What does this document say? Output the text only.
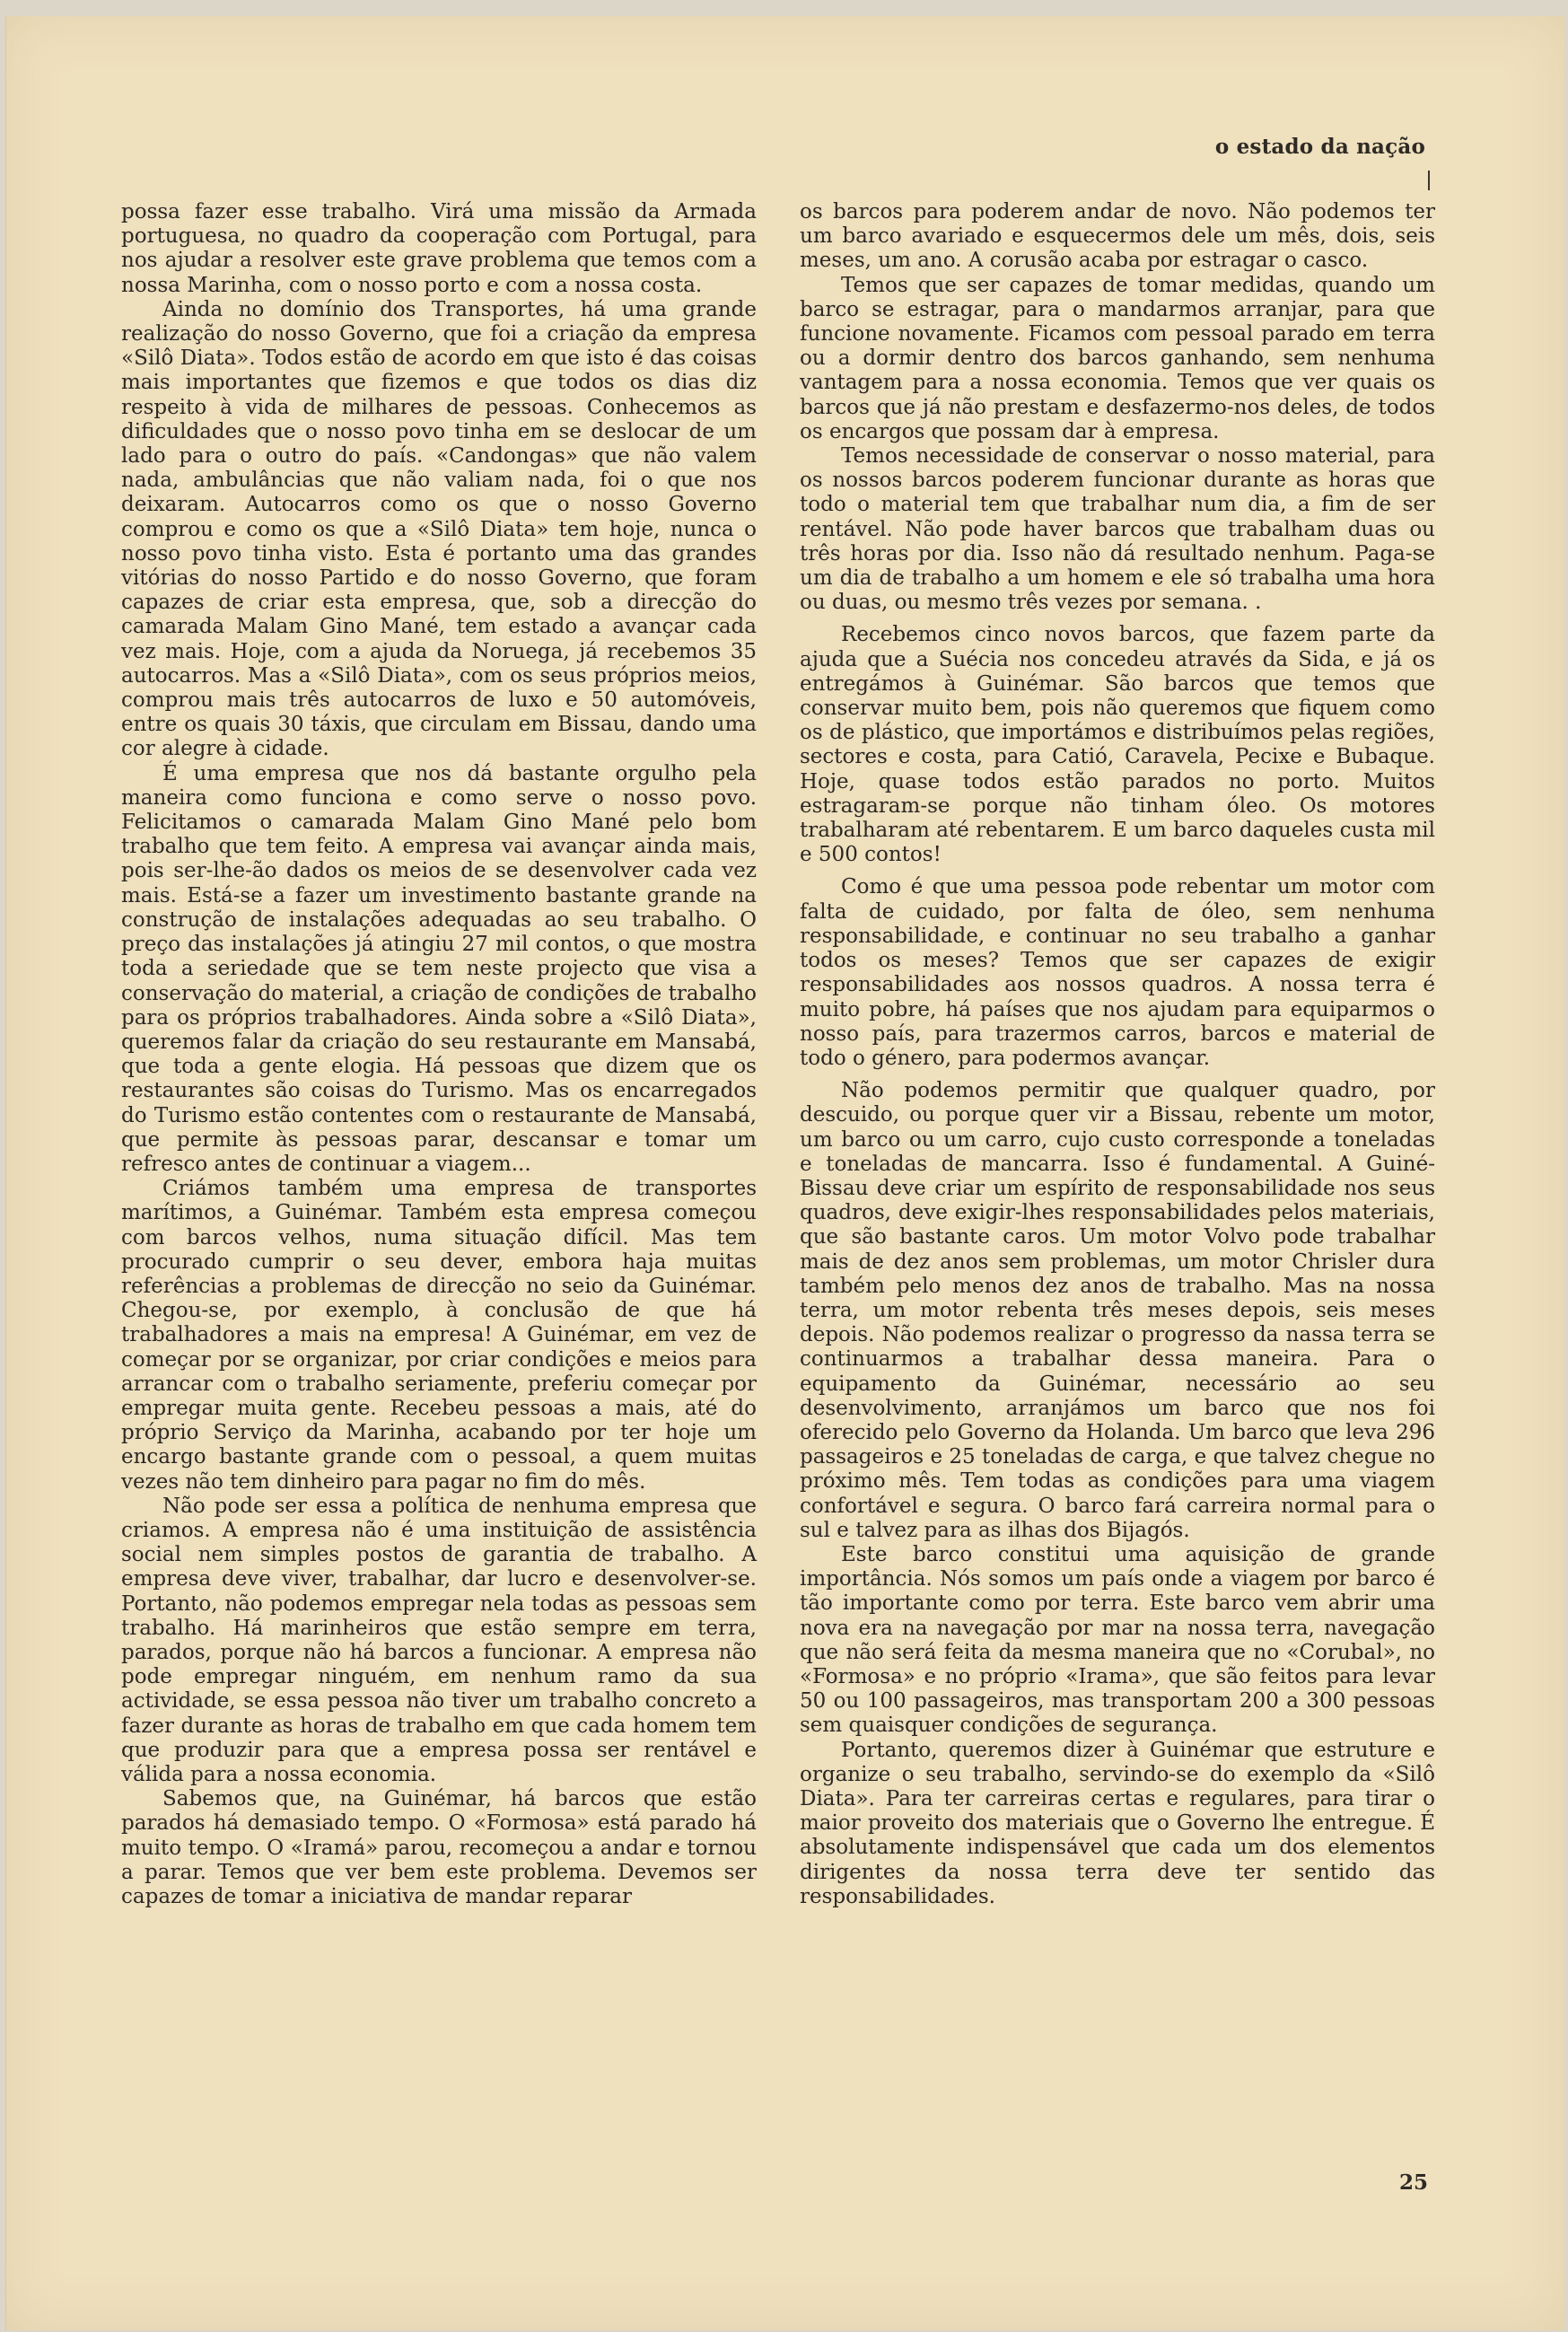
o estado da nação

possa fazer esse trabalho. Virá uma missão da Armada portuguesa, no quadro da cooperação com Portugal, para nos ajudar a resolver este grave problema que temos com a nossa Marinha, com o nosso porto e com a nossa costa.

Ainda no domínio dos Transportes, há uma grande realização do nosso Governo, que foi a criação da empresa «Silô Diata». Todos estão de acordo em que isto é das coisas mais importantes que fizemos e que todos os dias diz respeito à vida de milhares de pessoas. Conhecemos as dificuldades que o nosso povo tinha em se deslocar de um lado para o outro do país. «Candongas» que não valem nada, ambulâncias que não valiam nada, foi o que nos deixaram. Autocarros como os que o nosso Governo comprou e como os que a «Silô Diata» tem hoje, nunca o nosso povo tinha visto. Esta é portanto uma das grandes vitórias do nosso Partido e do nosso Governo, que foram capazes de criar esta empresa, que, sob a direcção do camarada Malam Gino Mané, tem estado a avançar cada vez mais. Hoje, com a ajuda da Noruega, já recebemos 35 autocarros. Mas a «Silô Diata», com os seus próprios meios, comprou mais três autocarros de luxo e 50 automóveis, entre os quais 30 táxis, que circulam em Bissau, dando uma cor alegre à cidade.

É uma empresa que nos dá bastante orgulho pela maneira como funciona e como serve o nosso povo. Felicitamos o camarada Malam Gino Mané pelo bom trabalho que tem feito. A empresa vai avançar ainda mais, pois ser-lhe-ão dados os meios de se desenvolver cada vez mais. Está-se a fazer um investimento bastante grande na construção de instalações adequadas ao seu trabalho. O preço das instalações já atingiu 27 mil contos, o que mostra toda a seriedade que se tem neste projecto que visa a conservação do material, a criação de condições de trabalho para os próprios trabalhadores. Ainda sobre a «Silô Diata», queremos falar da criação do seu restaurante em Mansabá, que toda a gente elogia. Há pessoas que dizem que os restaurantes são coisas do Turismo. Mas os encarregados do Turismo estão contentes com o restaurante de Mansabá, que permite às pessoas parar, descansar e tomar um refresco antes de continuar a viagem...

Criámos também uma empresa de transportes marítimos, a Guinémar. Também esta empresa começou com barcos velhos, numa situação difícil. Mas tem procurado cumprir o seu dever, embora haja muitas referências a problemas de direcção no seio da Guinémar. Chegou-se, por exemplo, à conclusão de que há trabalhadores a mais na empresa! A Guinémar, em vez de começar por se organizar, por criar condições e meios para arrancar com o trabalho seriamente, preferiu começar por empregar muita gente. Recebeu pessoas a mais, até do próprio Serviço da Marinha, acabando por ter hoje um encargo bastante grande com o pessoal, a quem muitas vezes não tem dinheiro para pagar no fim do mês.

Não pode ser essa a política de nenhuma empresa que criamos. A empresa não é uma instituição de assistência social nem simples postos de garantia de trabalho. A empresa deve viver, trabalhar, dar lucro e desenvolver-se. Portanto, não podemos empregar nela todas as pessoas sem trabalho. Há marinheiros que estão sempre em terra, parados, porque não há barcos a funcionar. A empresa não pode empregar ninguém, em nenhum ramo da sua actividade, se essa pessoa não tiver um trabalho concreto a fazer durante as horas de trabalho em que cada homem tem que produzir para que a empresa possa ser rentável e válida para a nossa economia.

Sabemos que, na Guinémar, há barcos que estão parados há demasiado tempo. O «Formosa» está parado há muito tempo. O «Iramá» parou, recomeçou a andar e tornou a parar. Temos que ver bem este problema. Devemos ser capazes de tomar a iniciativa de mandar reparar

os barcos para poderem andar de novo. Não podemos ter um barco avariado e esquecermos dele um mês, dois, seis meses, um ano. A corusão acaba por estragar o casco.

Temos que ser capazes de tomar medidas, quando um barco se estragar, para o mandarmos arranjar, para que funcione novamente. Ficamos com pessoal parado em terra ou a dormir dentro dos barcos ganhando, sem nenhuma vantagem para a nossa economia. Temos que ver quais os barcos que já não prestam e desfazermo-nos deles, de todos os encargos que possam dar à empresa.

Temos necessidade de conservar o nosso material, para os nossos barcos poderem funcionar durante as horas que todo o material tem que trabalhar num dia, a fim de ser rentável. Não pode haver barcos que trabalham duas ou três horas por dia. Isso não dá resultado nenhum. Paga-se um dia de trabalho a um homem e ele só trabalha uma hora ou duas, ou mesmo três vezes por semana. .

Recebemos cinco novos barcos, que fazem parte da ajuda que a Suécia nos concedeu através da Sida, e já os entregámos à Guinémar. São barcos que temos que conservar muito bem, pois não queremos que fiquem como os de plástico, que importámos e distribuímos pelas regiões, sectores e costa, para Catió, Caravela, Pecixe e Bubaque. Hoje, quase todos estão parados no porto. Muitos estragaram-se porque não tinham óleo. Os motores trabalharam até rebentarem. E um barco daqueles custa mil e 500 contos!

Como é que uma pessoa pode rebentar um motor com falta de cuidado, por falta de óleo, sem nenhuma responsabilidade, e continuar no seu trabalho a ganhar todos os meses? Temos que ser capazes de exigir responsabilidades aos nossos quadros. A nossa terra é muito pobre, há países que nos ajudam para equiparmos o nosso país, para trazermos carros, barcos e material de todo o género, para podermos avançar.

Não podemos permitir que qualquer quadro, por descuido, ou porque quer vir a Bissau, rebente um motor, um barco ou um carro, cujo custo corresponde a toneladas e toneladas de mancarra. Isso é fundamental. A Guiné-Bissau deve criar um espírito de responsabilidade nos seus quadros, deve exigir-lhes responsabilidades pelos materiais, que são bastante caros. Um motor Volvo pode trabalhar mais de dez anos sem problemas, um motor Chrisler dura também pelo menos dez anos de trabalho. Mas na nossa terra, um motor rebenta três meses depois, seis meses depois. Não podemos realizar o progresso da nassa terra se continuarmos a trabalhar dessa maneira. Para o equipamento da Guinémar, necessário ao seu desenvolvimento, arranjámos um barco que nos foi oferecido pelo Governo da Holanda. Um barco que leva 296 passageiros e 25 toneladas de carga, e que talvez chegue no próximo mês. Tem todas as condições para uma viagem confortável e segura. O barco fará carreira normal para o sul e talvez para as ilhas dos Bijagós.

Este barco constitui uma aquisição de grande importância. Nós somos um país onde a viagem por barco é tão importante como por terra. Este barco vem abrir uma nova era na navegação por mar na nossa terra, navegação que não será feita da mesma maneira que no «Corubal», no «Formosa» e no próprio «Irama», que são feitos para levar 50 ou 100 passageiros, mas transportam 200 a 300 pessoas sem quaisquer condições de segurança.

Portanto, queremos dizer à Guinémar que estruture e organize o seu trabalho, servindo-se do exemplo da «Silô Diata». Para ter carreiras certas e regulares, para tirar o maior proveito dos materiais que o Governo lhe entregue. É absolutamente indispensável que cada um dos elementos dirigentes da nossa terra deve ter sentido das responsabilidades.

25
